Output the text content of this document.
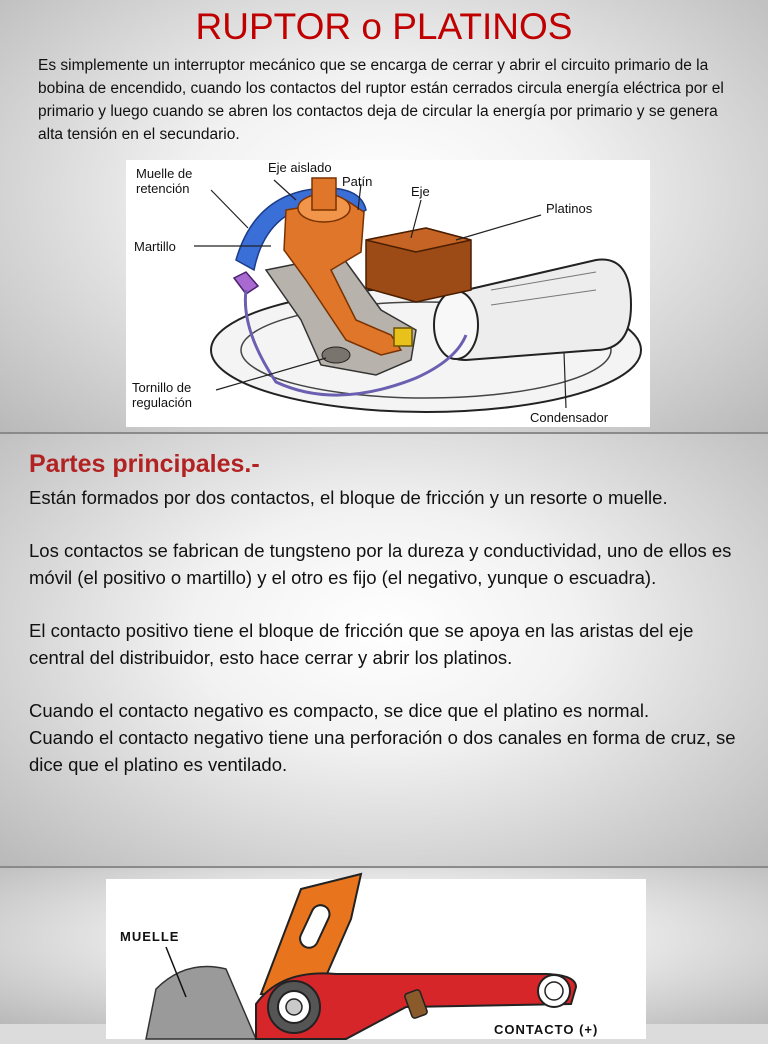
RUPTOR o PLATINOS
Es simplemente un interruptor mecánico que se encarga de cerrar y abrir el circuito primario de la bobina de encendido, cuando los contactos del ruptor están cerrados circula energía eléctrica por el primario y luego cuando se abren los contactos deja de circular la energía por primario y se genera alta tensión en el secundario.
Muelle de
retención
Eje aislado
Patín
Eje
Platinos
Martillo
Tornillo de
regulación
Condensador
Partes principales.-

Están formados por dos contactos, el bloque de fricción y un resorte o muelle.

Los contactos se fabrican de tungsteno por la dureza y conductividad, uno de ellos es móvil (el positivo o martillo) y el otro es fijo (el negativo, yunque o escuadra).

El contacto positivo tiene el bloque de fricción que se apoya en las aristas del eje central del distribuidor, esto hace cerrar y abrir los platinos.

Cuando el contacto negativo es compacto, se dice que el platino es normal.

Cuando el contacto negativo tiene una perforación o dos canales en forma de cruz, se dice que el platino es ventilado.

MUELLE
CONTACTO (+)
